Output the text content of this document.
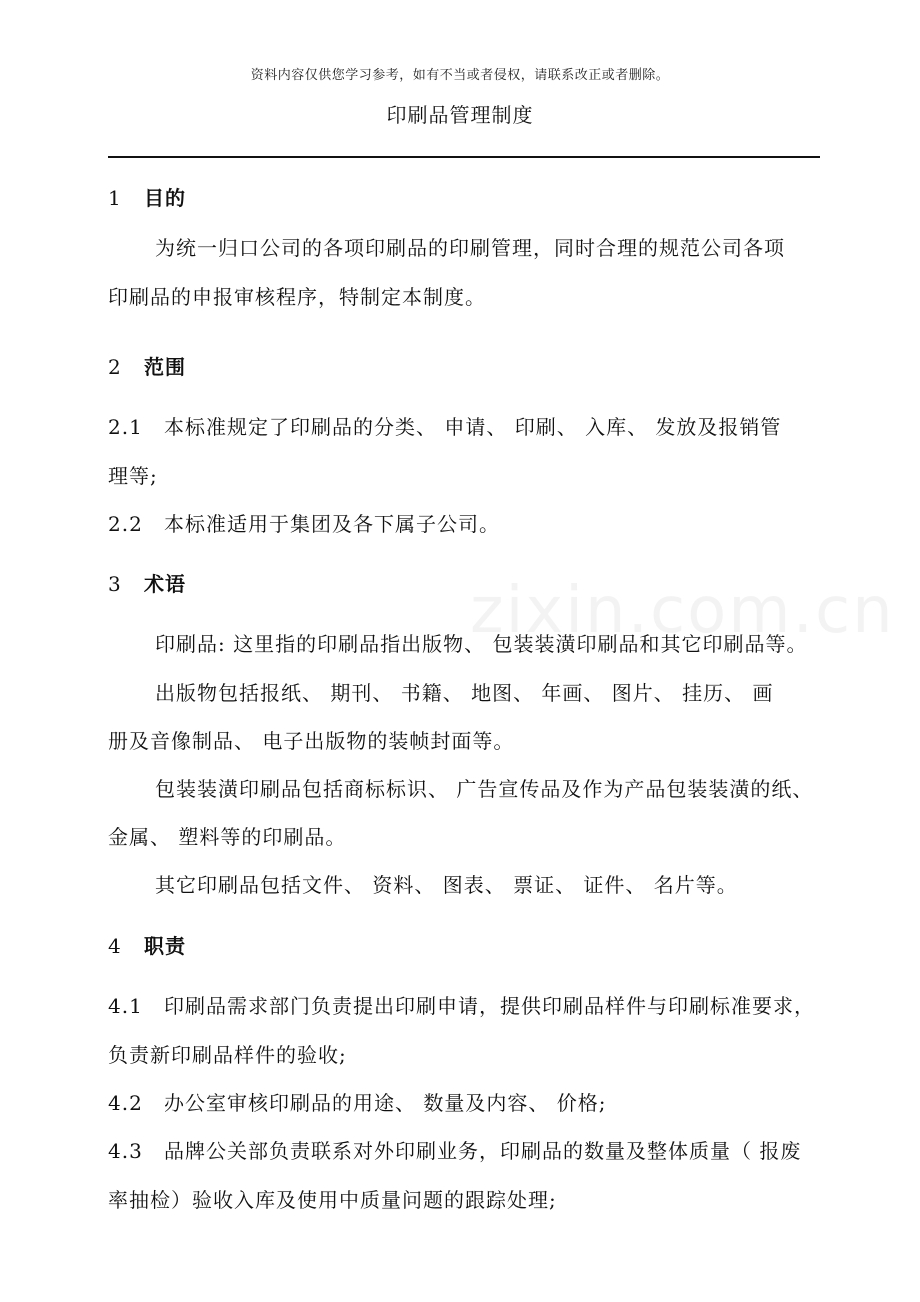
资料内容仅供您学习参考，如有不当或者侵权，请联系改正或者删除。
印刷品管理制度
1 目的
为统一归口公司的各项印刷品的印刷管理，同时合理的规范公司各项
印刷品的申报审核程序，特制定本制度。
2 范围
2.1 本标准规定了印刷品的分类、 申请、 印刷、 入库、 发放及报销管
理等;
2.2 本标准适用于集团及各下属子公司。
3 术语
印刷品: 这里指的印刷品指出版物、 包装装潢印刷品和其它印刷品等。
出版物包括报纸、 期刊、 书籍、 地图、 年画、 图片、 挂历、 画
册及音像制品、 电子出版物的装帧封面等。
包装装潢印刷品包括商标标识、 广告宣传品及作为产品包装装潢的纸、
金属、 塑料等的印刷品。
其它印刷品包括文件、 资料、 图表、 票证、 证件、 名片等。
4 职责
4.1 印刷品需求部门负责提出印刷申请，提供印刷品样件与印刷标准要求，
负责新印刷品样件的验收;
4.2 办公室审核印刷品的用途、 数量及内容、 价格;
4.3 品牌公关部负责联系对外印刷业务，印刷品的数量及整体质量（ 报废
率抽检）验收入库及使用中质量问题的跟踪处理;
